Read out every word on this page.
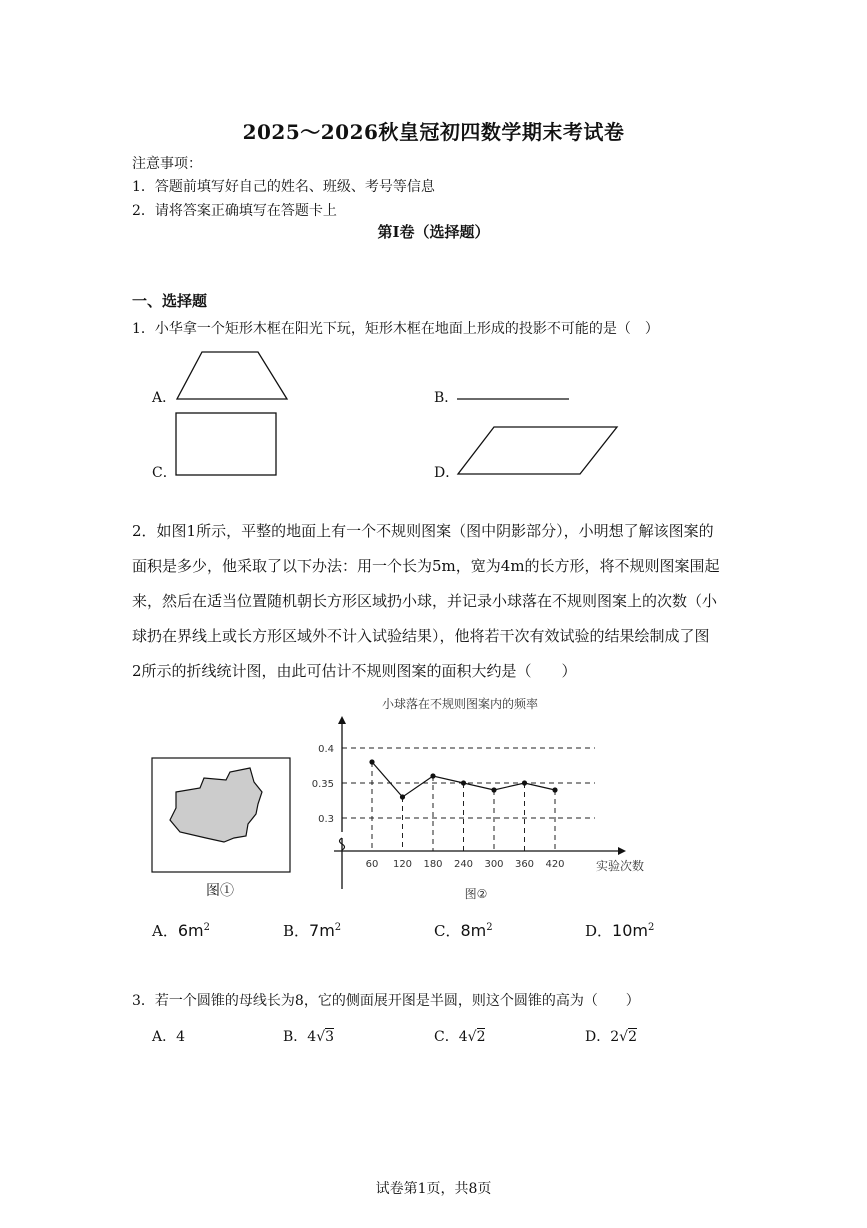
2025～2026秋皇冠初四数学期末考试卷
注意事项：
1．答题前填写好自己的姓名、班级、考号等信息
2．请将答案正确填写在答题卡上
第I卷（选择题）
一、选择题
1．小华拿一个矩形木框在阳光下玩，矩形木框在地面上形成的投影不可能的是（　）
A．	B．
C．	D．
2．如图1所示，平整的地面上有一个不规则图案（图中阴影部分），小明想了解该图案的
面积是多少，他采取了以下办法：用一个长为5m，宽为4m的长方形，将不规则图案围起
来，然后在适当位置随机朝长方形区域扔小球，并记录小球落在不规则图案上的次数（小
球扔在界线上或长方形区域外不计入试验结果），他将若干次有效试验的结果绘制成了图
2所示的折线统计图，由此可估计不规则图案的面积大约是（　　）
图①
小球落在不规则图案内的频率
0.3
0.35
0.4
60 120 180 240 300 360 420	实验次数
图②
A．$6m^2$	B．$7m^2$	C．$8m^2$	D．$10m^2$
3．若一个圆锥的母线长为8，它的侧面展开图是半圆，则这个圆锥的高为（　　）
A．4	B．4√3	C．4√2	D．2√2
试卷第1页，共8页
